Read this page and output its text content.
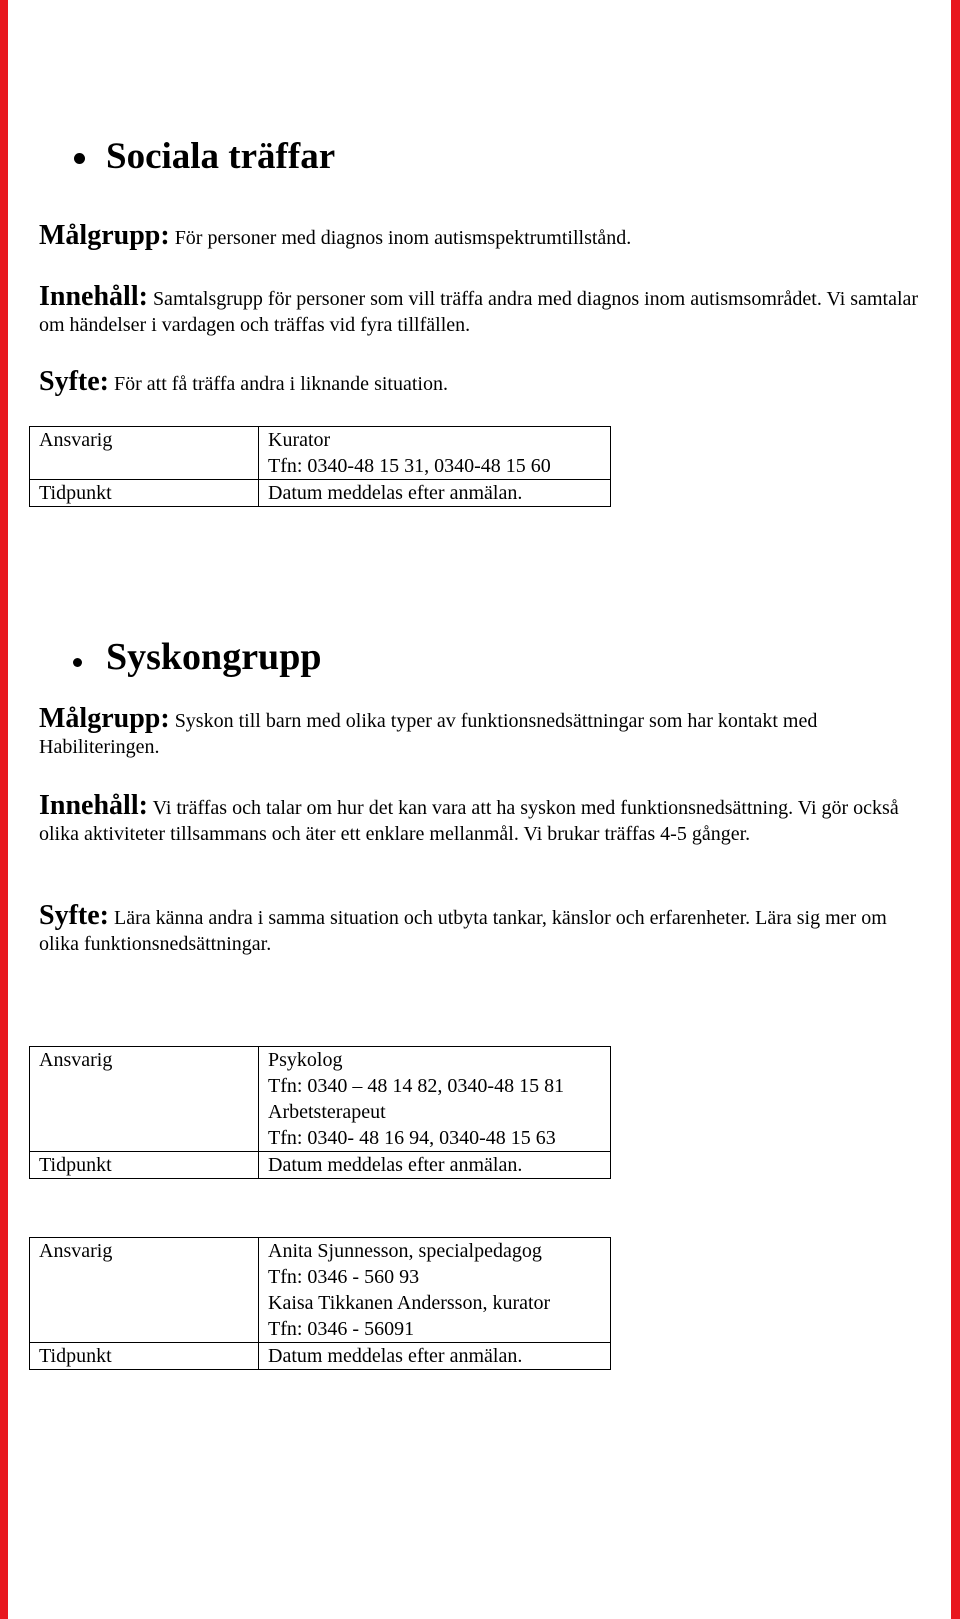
Sociala träffar
Målgrupp: För personer med diagnos inom autismspektrumtillstånd.
Innehåll: Samtalsgrupp för personer som vill träffa andra med diagnos inom autismsområdet. Vi samtalar om händelser i vardagen och träffas vid fyra tillfällen.
Syfte: För att få träffa andra i liknande situation.
Ansvarig	Kurator
Tfn: 0340-48 15 31, 0340-48 15 60

Tidpunkt	Datum meddelas efter anmälan.
Syskongrupp
Målgrupp: Syskon till barn med olika typer av funktionsnedsättningar som har kontakt med Habiliteringen.
Innehåll: Vi träffas och talar om hur det kan vara att ha syskon med funktionsnedsättning. Vi gör också olika aktiviteter tillsammans och äter ett enklare mellanmål. Vi brukar träffas 4-5 gånger.
Syfte: Lära känna andra i samma situation och utbyta tankar, känslor och erfarenheter. Lära sig mer om olika funktionsnedsättningar.
Ansvarig	Psykolog
Tfn: 0340 – 48 14 82, 0340-48 15 81
Arbetsterapeut
Tfn: 0340- 48 16 94, 0340-48 15 63

Tidpunkt	Datum meddelas efter anmälan.
Ansvarig	Anita Sjunnesson, specialpedagog
Tfn: 0346 - 560 93
Kaisa Tikkanen Andersson, kurator
Tfn: 0346 - 56091

Tidpunkt	Datum meddelas efter anmälan.
